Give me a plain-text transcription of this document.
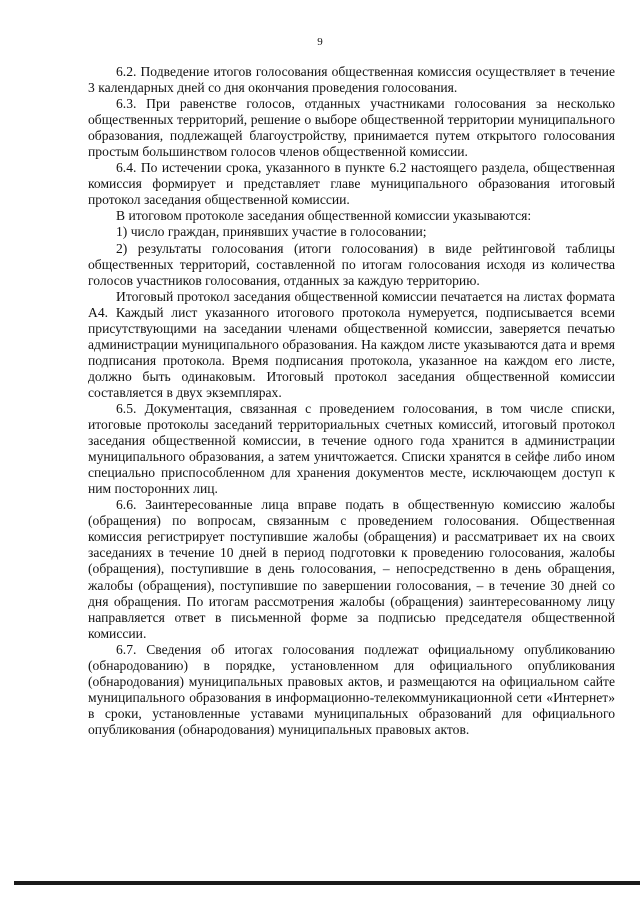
9

6.2. Подведение итогов голосования общественная комиссия осуществляет в течение 3 календарных дней со дня окончания проведения голосования.

6.3. При равенстве голосов, отданных участниками голосования за несколько общественных территорий, решение о выборе общественной территории муниципального образования, подлежащей благоустройству, принимается путем открытого голосования простым большинством голосов членов общественной комиссии.

6.4. По истечении срока, указанного в пункте 6.2 настоящего раздела, общественная комиссия формирует и представляет главе муниципального образования итоговый протокол заседания общественной комиссии.

В итоговом протоколе заседания общественной комиссии указываются:

1) число граждан, принявших участие в голосовании;

2) результаты голосования (итоги голосования) в виде рейтинговой таблицы общественных территорий, составленной по итогам голосования исходя из количества голосов участников голосования, отданных за каждую территорию.

Итоговый протокол заседания общественной комиссии печатается на листах формата А4. Каждый лист указанного итогового протокола нумеруется, подписывается всеми присутствующими на заседании членами общественной комиссии, заверяется печатью администрации муниципального образования. На каждом листе указываются дата и время подписания протокола. Время подписания протокола, указанное на каждом его листе, должно быть одинаковым. Итоговый протокол заседания общественной комиссии составляется в двух экземплярах.

6.5. Документация, связанная с проведением голосования, в том числе списки, итоговые протоколы заседаний территориальных счетных комиссий, итоговый протокол заседания общественной комиссии, в течение одного года хранится в администрации муниципального образования, а затем уничтожается. Списки хранятся в сейфе либо ином специально приспособленном для хранения документов месте, исключающем доступ к ним посторонних лиц.

6.6. Заинтересованные лица вправе подать в общественную комиссию жалобы (обращения) по вопросам, связанным с проведением голосования. Общественная комиссия регистрирует поступившие жалобы (обращения) и рассматривает их на своих заседаниях в течение 10 дней в период подготовки к проведению голосования, жалобы (обращения), поступившие в день голосования, – непосредственно в день обращения, жалобы (обращения), поступившие по завершении голосования, – в течение 30 дней со дня обращения. По итогам рассмотрения жалобы (обращения) заинтересованному лицу направляется ответ в письменной форме за подписью председателя общественной комиссии.

6.7. Сведения об итогах голосования подлежат официальному опубликованию (обнародованию) в порядке, установленном для официального опубликования (обнародования) муниципальных правовых актов, и размещаются на официальном сайте муниципального образования в информационно-телекоммуникационной сети «Интернет» в сроки, установленные уставами муниципальных образований для официального опубликования (обнародования) муниципальных правовых актов.
